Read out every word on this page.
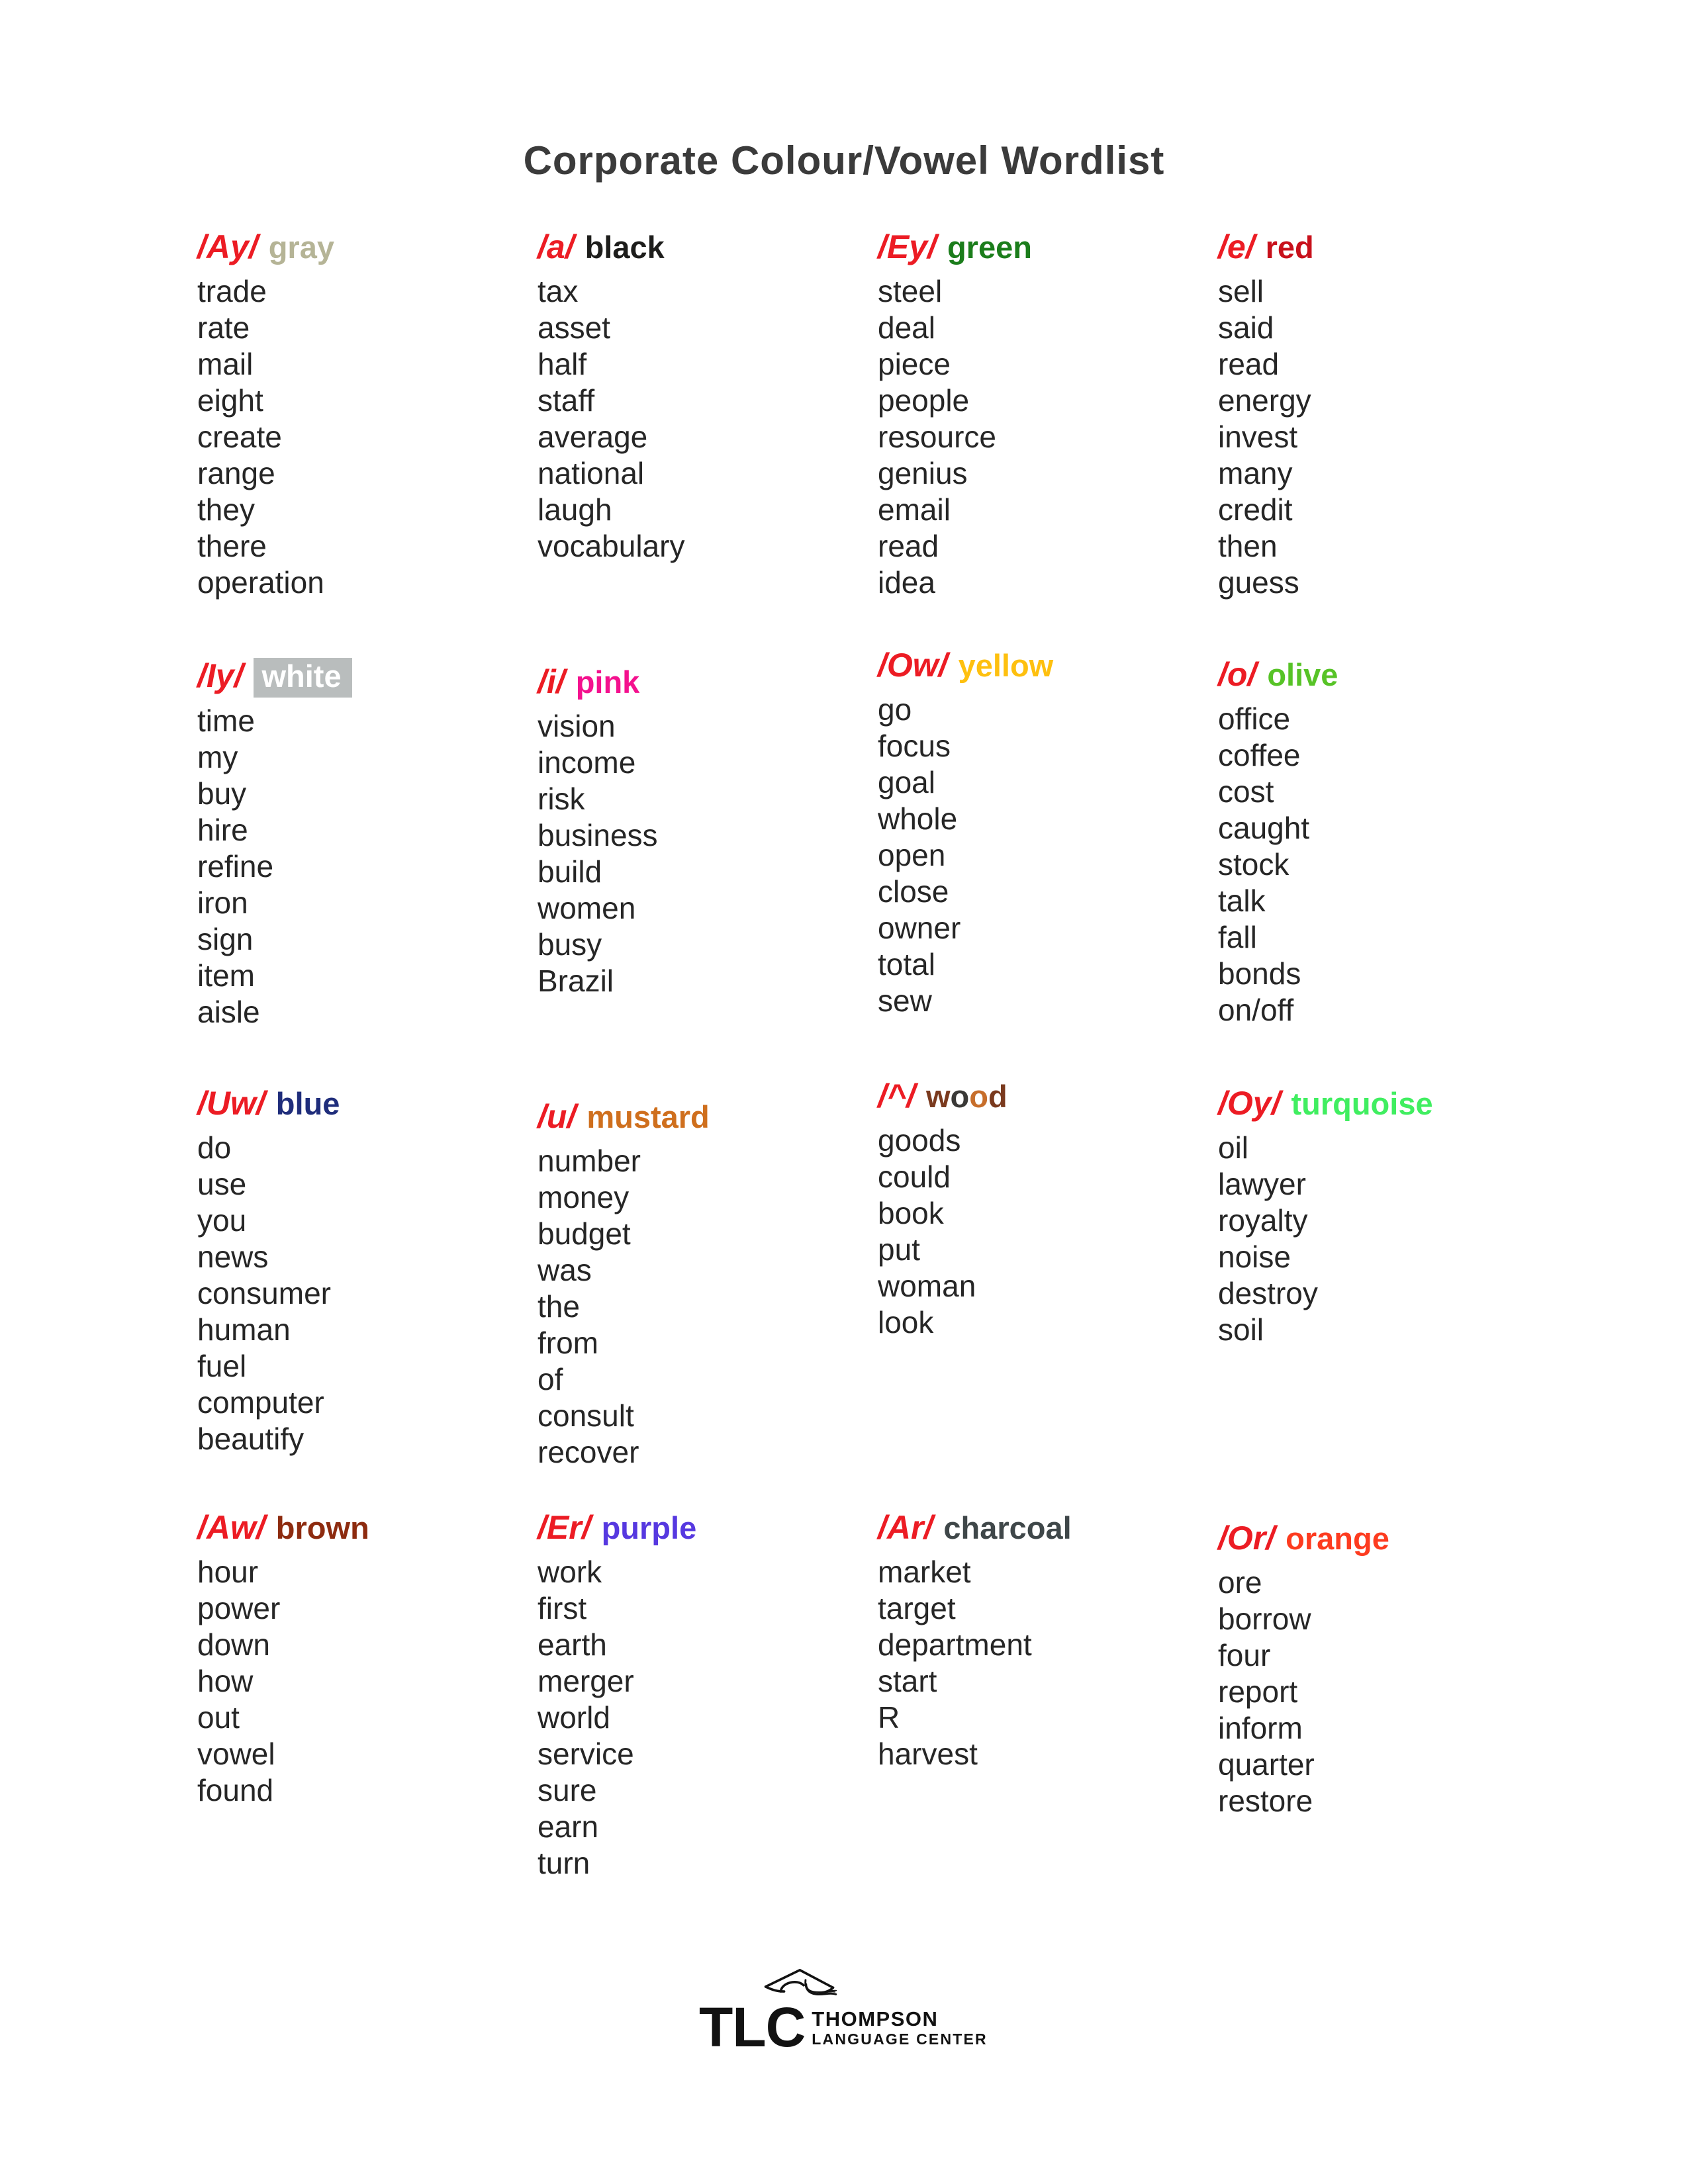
Corporate Colour/Vowel Wordlist
/Ay/ gray
trade
rate
mail
eight
create
range
they
there
operation
/a/ black
tax
asset
half
staff
average
national
laugh
vocabulary
/Ey/ green
steel
deal
piece
people
resource
genius
email
read
idea
/e/ red
sell
said
read
energy
invest
many
credit
then
guess
/Iy/ white
time
my
buy
hire
refine
iron
sign
item
aisle
/i/ pink
vision
income
risk
business
build
women
busy
Brazil
/Ow/ yellow
go
focus
goal
whole
open
close
owner
total
sew
/o/ olive
office
coffee
cost
caught
stock
talk
fall
bonds
on/off
/Uw/ blue
do
use
you
news
consumer
human
fuel
computer
beautify
/u/ mustard
number
money
budget
was
the
from
of
consult
recover
/^/ wood
goods
could
book
put
woman
look
/Oy/ turquoise
oil
lawyer
royalty
noise
destroy
soil
/Aw/ brown
hour
power
down
how
out
vowel
found
/Er/ purple
work
first
earth
merger
world
service
sure
earn
turn
/Ar/ charcoal
market
target
department
start
R
harvest
/Or/ orange
ore
borrow
four
report
inform
quarter
restore
TLC THOMPSON
LANGUAGE CENTER
